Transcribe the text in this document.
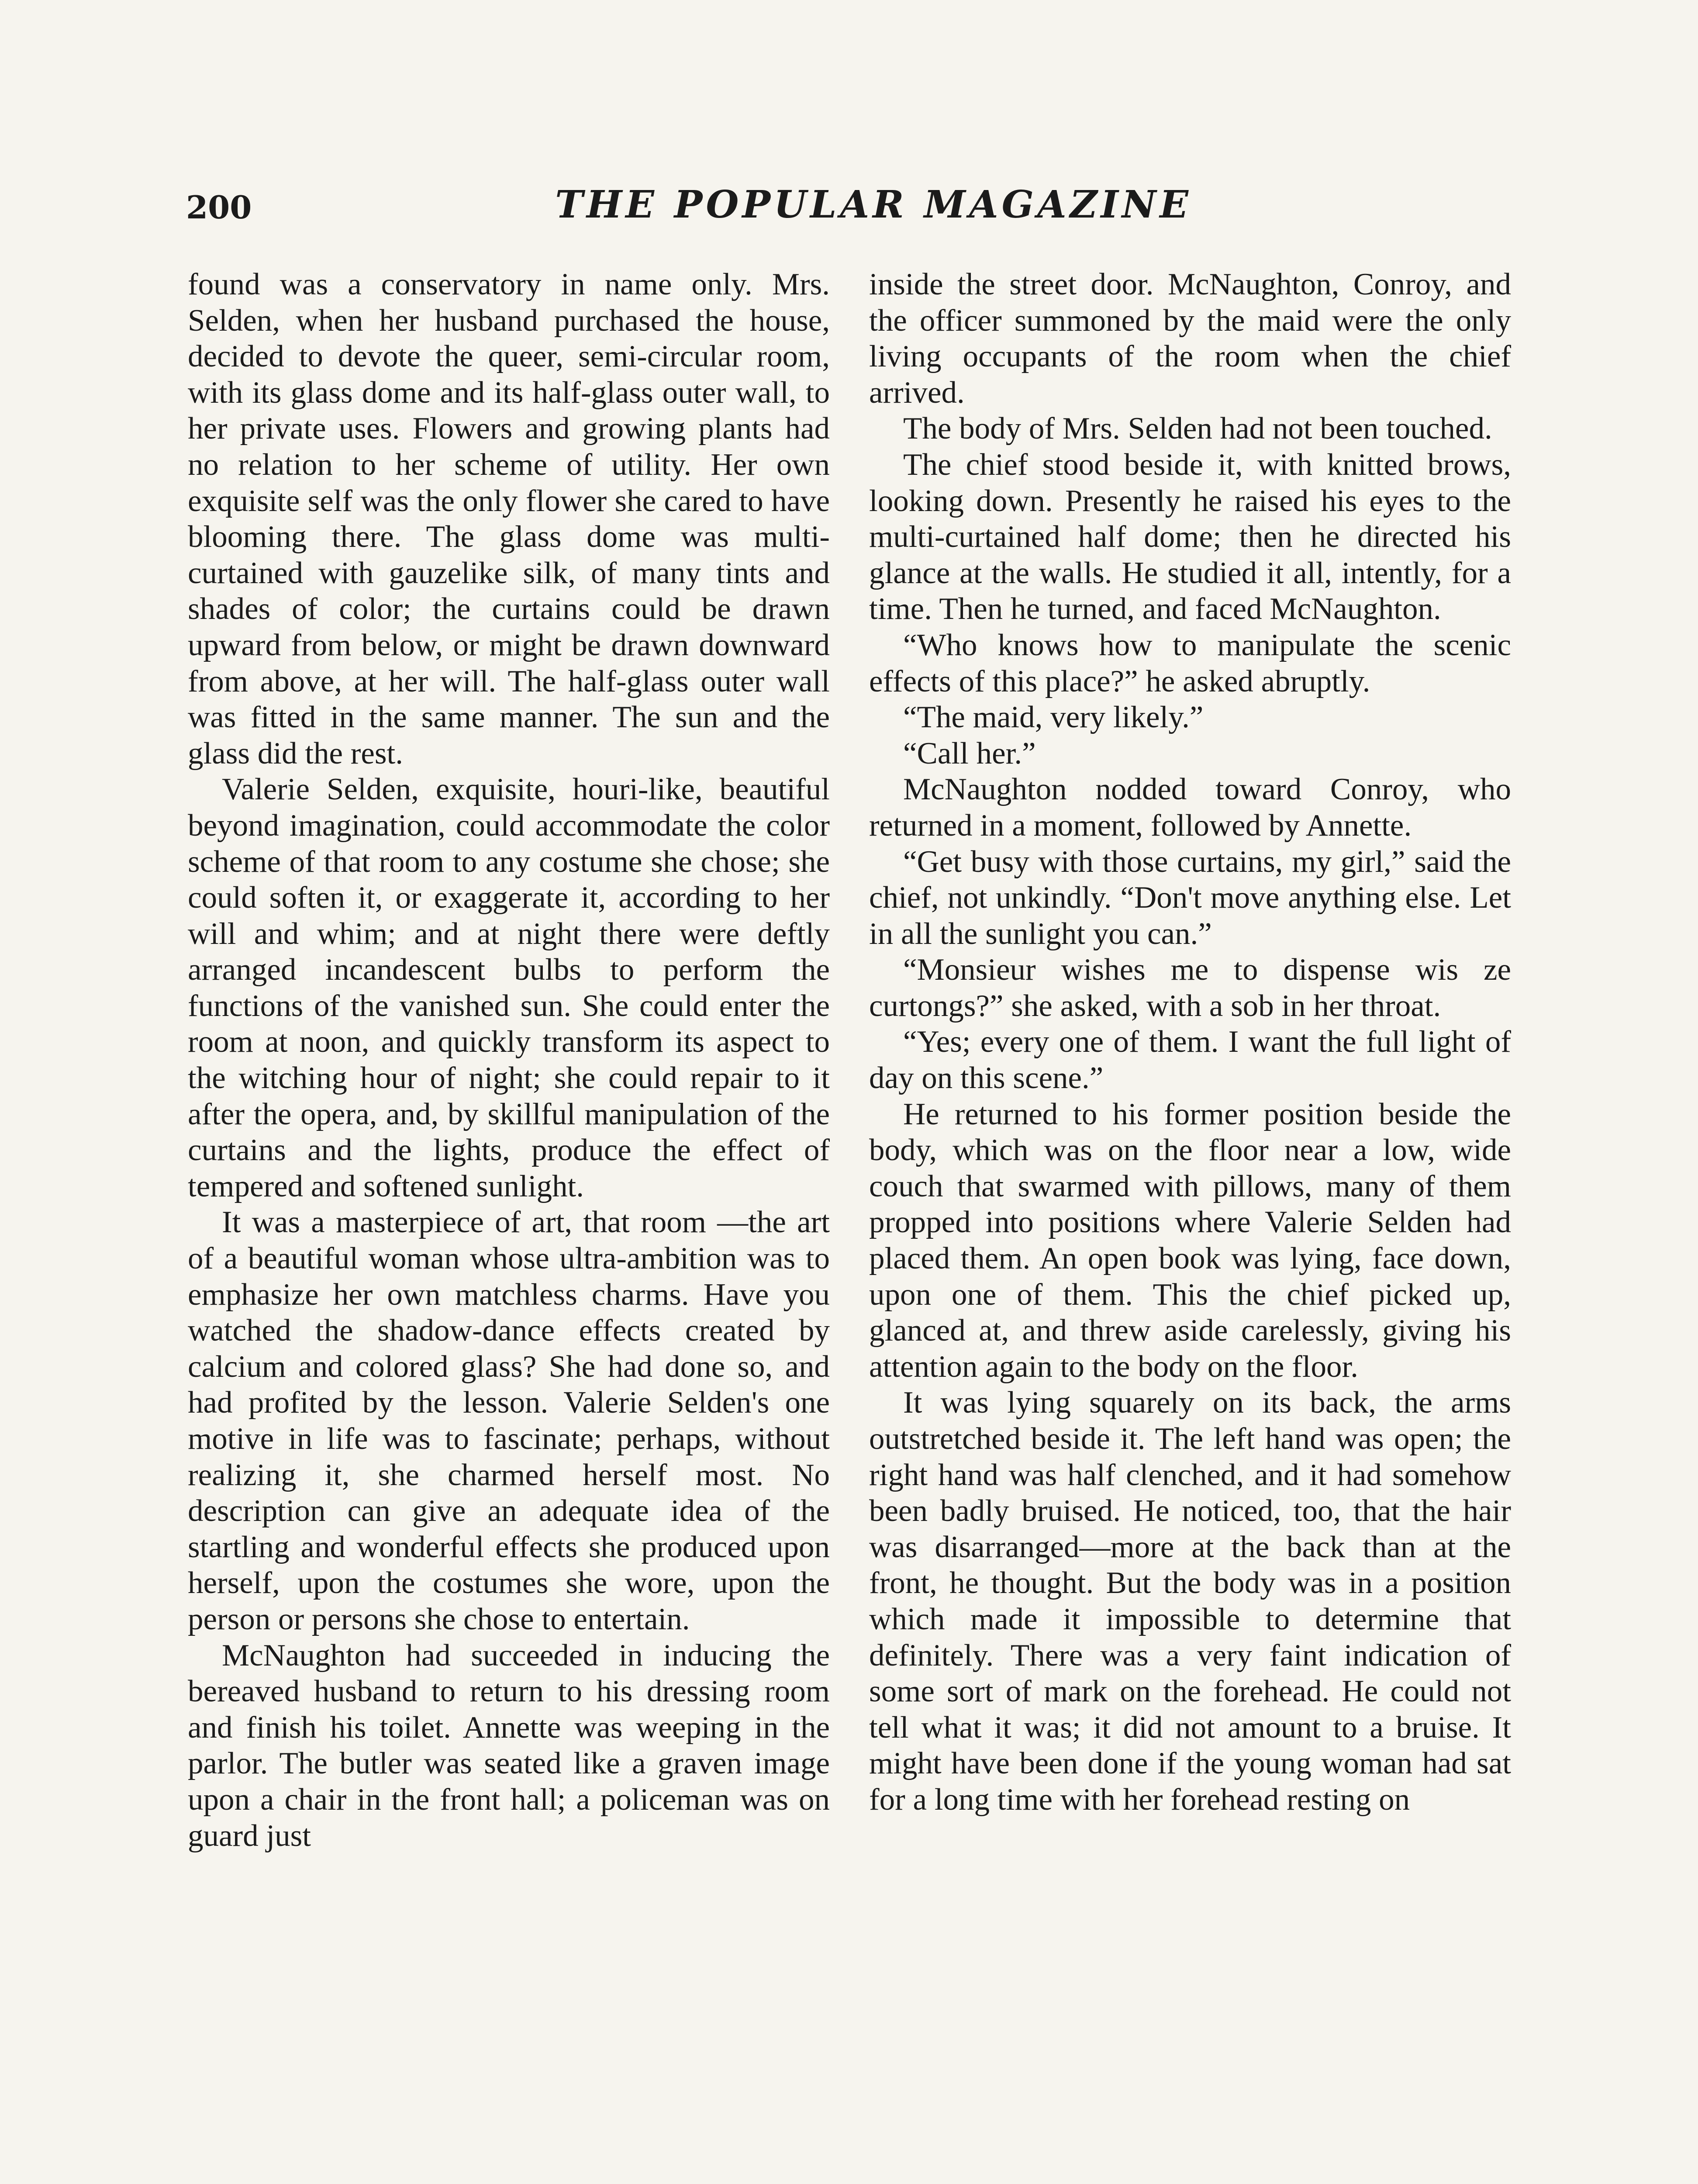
200	THE POPULAR MAGAZINE

found was a conservatory in name only. Mrs. Selden, when her husband purchased the house, decided to devote the queer, semi-circular room, with its glass dome and its half-glass outer wall, to her private uses. Flowers and growing plants had no relation to her scheme of utility. Her own exquisite self was the only flower she cared to have blooming there. The glass dome was multi-curtained with gauzelike silk, of many tints and shades of color; the curtains could be drawn upward from below, or might be drawn downward from above, at her will. The half-glass outer wall was fitted in the same manner. The sun and the glass did the rest.

Valerie Selden, exquisite, houri-like, beautiful beyond imagination, could accommodate the color scheme of that room to any costume she chose; she could soften it, or exaggerate it, according to her will and whim; and at night there were deftly arranged incandescent bulbs to perform the functions of the vanished sun. She could enter the room at noon, and quickly transform its aspect to the witching hour of night; she could repair to it after the opera, and, by skillful manipulation of the curtains and the lights, produce the effect of tempered and softened sunlight.

It was a masterpiece of art, that room —the art of a beautiful woman whose ultra-ambition was to emphasize her own matchless charms. Have you watched the shadow-dance effects created by calcium and colored glass? She had done so, and had profited by the lesson. Valerie Selden's one motive in life was to fascinate; perhaps, without realizing it, she charmed herself most. No description can give an adequate idea of the startling and wonderful effects she produced upon herself, upon the costumes she wore, upon the person or persons she chose to entertain.

McNaughton had succeeded in inducing the bereaved husband to return to his dressing room and finish his toilet. Annette was weeping in the parlor. The butler was seated like a graven image upon a chair in the front hall; a policeman was on guard just

inside the street door. McNaughton, Conroy, and the officer summoned by the maid were the only living occupants of the room when the chief arrived.

The body of Mrs. Selden had not been touched.

The chief stood beside it, with knitted brows, looking down. Presently he raised his eyes to the multi-curtained half dome; then he directed his glance at the walls. He studied it all, intently, for a time. Then he turned, and faced McNaughton.

“Who knows how to manipulate the scenic effects of this place?” he asked abruptly.

“The maid, very likely.”

“Call her.”

McNaughton nodded toward Conroy, who returned in a moment, followed by Annette.

“Get busy with those curtains, my girl,” said the chief, not unkindly. “Don't move anything else. Let in all the sunlight you can.”

“Monsieur wishes me to dispense wis ze curtongs?” she asked, with a sob in her throat.

“Yes; every one of them. I want the full light of day on this scene.”

He returned to his former position beside the body, which was on the floor near a low, wide couch that swarmed with pillows, many of them propped into positions where Valerie Selden had placed them. An open book was lying, face down, upon one of them. This the chief picked up, glanced at, and threw aside carelessly, giving his attention again to the body on the floor.

It was lying squarely on its back, the arms outstretched beside it. The left hand was open; the right hand was half clenched, and it had somehow been badly bruised. He noticed, too, that the hair was disarranged—more at the back than at the front, he thought. But the body was in a position which made it impossible to determine that definitely. There was a very faint indication of some sort of mark on the forehead. He could not tell what it was; it did not amount to a bruise. It might have been done if the young woman had sat for a long time with her forehead resting on
